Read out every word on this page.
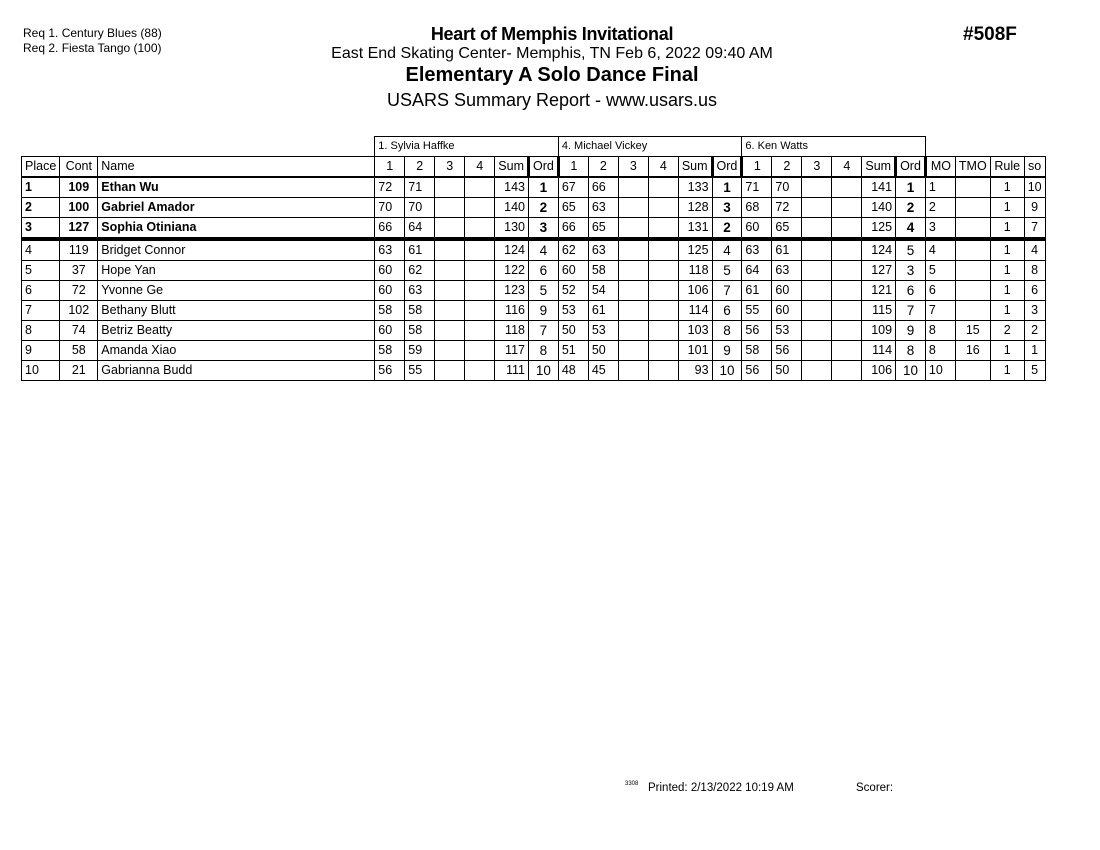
Req 1. Century Blues (88)
Req 2. Fiesta Tango (100)
Heart of Memphis Invitational
East End Skating Center- Memphis, TN Feb 6, 2022 09:40 AM
Elementary A Solo Dance Final
USARS Summary Report - www.usars.us
#508F
			1. Sylvia Haffke						4. Michael Vickey						6. Ken Watts									
Place	Cont	Name	1	2	3	4	Sum	Ord	1	2	3	4	Sum	Ord	1	2	3	4	Sum	Ord	MO	TMO	Rule	so
1	109	Ethan Wu	72	71			143	1	67	66			133	1	71	70			141	1	1		1	10
2	100	Gabriel Amador	70	70			140	2	65	63			128	3	68	72			140	2	2		1	9
3	127	Sophia Otiniana	66	64			130	3	66	65			131	2	60	65			125	4	3		1	7
4	119	Bridget Connor	63	61			124	4	62	63			125	4	63	61			124	5	4		1	4
5	37	Hope Yan	60	62			122	6	60	58			118	5	64	63			127	3	5		1	8
6	72	Yvonne Ge	60	63			123	5	52	54			106	7	61	60			121	6	6		1	6
7	102	Bethany Blutt	58	58			116	9	53	61			114	6	55	60			115	7	7		1	3
8	74	Betriz Beatty	60	58			118	7	50	53			103	8	56	53			109	9	8	15	2	2
9	58	Amanda Xiao	58	59			117	8	51	50			101	9	58	56			114	8	8	16	1	1
10	21	Gabrianna Budd	56	55			111	10	48	45			93	10	56	50			106	10	10		1	5
3308 Printed: 2/13/2022 10:19 AM	Scorer:
